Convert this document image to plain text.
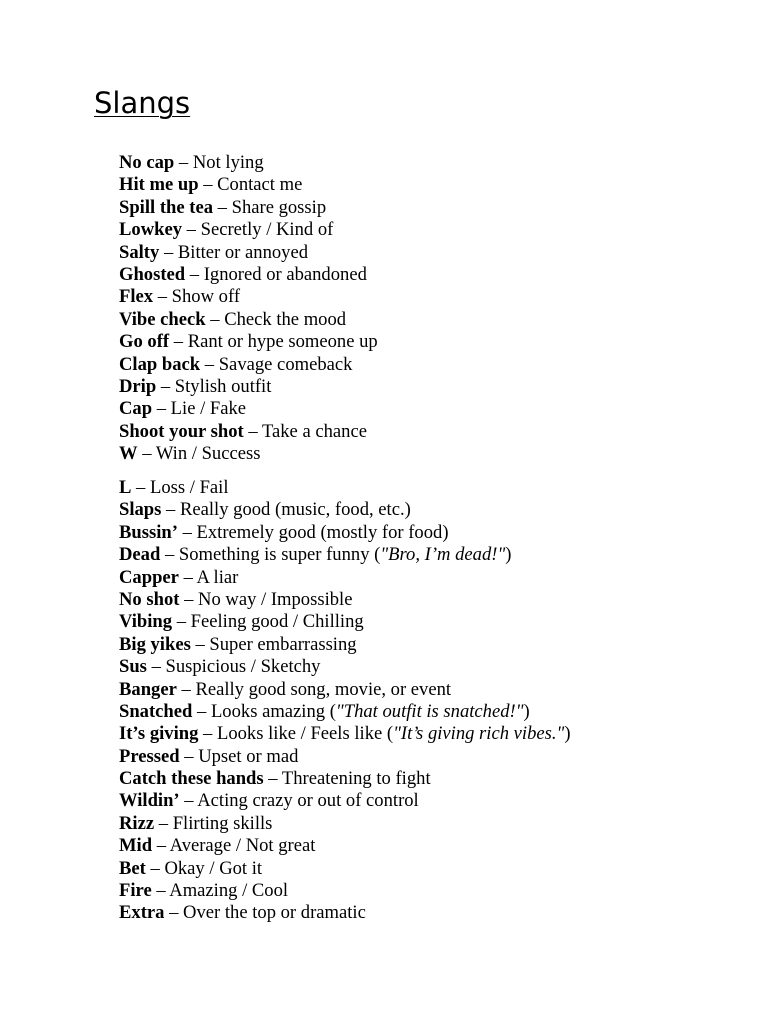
Slangs
No cap – Not lying
Hit me up – Contact me
Spill the tea – Share gossip
Lowkey – Secretly / Kind of
Salty – Bitter or annoyed
Ghosted – Ignored or abandoned
Flex – Show off
Vibe check – Check the mood
Go off – Rant or hype someone up
Clap back – Savage comeback
Drip – Stylish outfit
Cap – Lie / Fake
Shoot your shot – Take a chance
W – Win / Success
L – Loss / Fail
Slaps – Really good (music, food, etc.)
Bussin’ – Extremely good (mostly for food)
Dead – Something is super funny ("Bro, I’m dead!")
Capper – A liar
No shot – No way / Impossible
Vibing – Feeling good / Chilling
Big yikes – Super embarrassing
Sus – Suspicious / Sketchy
Banger – Really good song, movie, or event
Snatched – Looks amazing ("That outfit is snatched!")
It’s giving – Looks like / Feels like ("It’s giving rich vibes.")
Pressed – Upset or mad
Catch these hands – Threatening to fight
Wildin’ – Acting crazy or out of control
Rizz – Flirting skills
Mid – Average / Not great
Bet – Okay / Got it
Fire – Amazing / Cool
Extra – Over the top or dramatic
